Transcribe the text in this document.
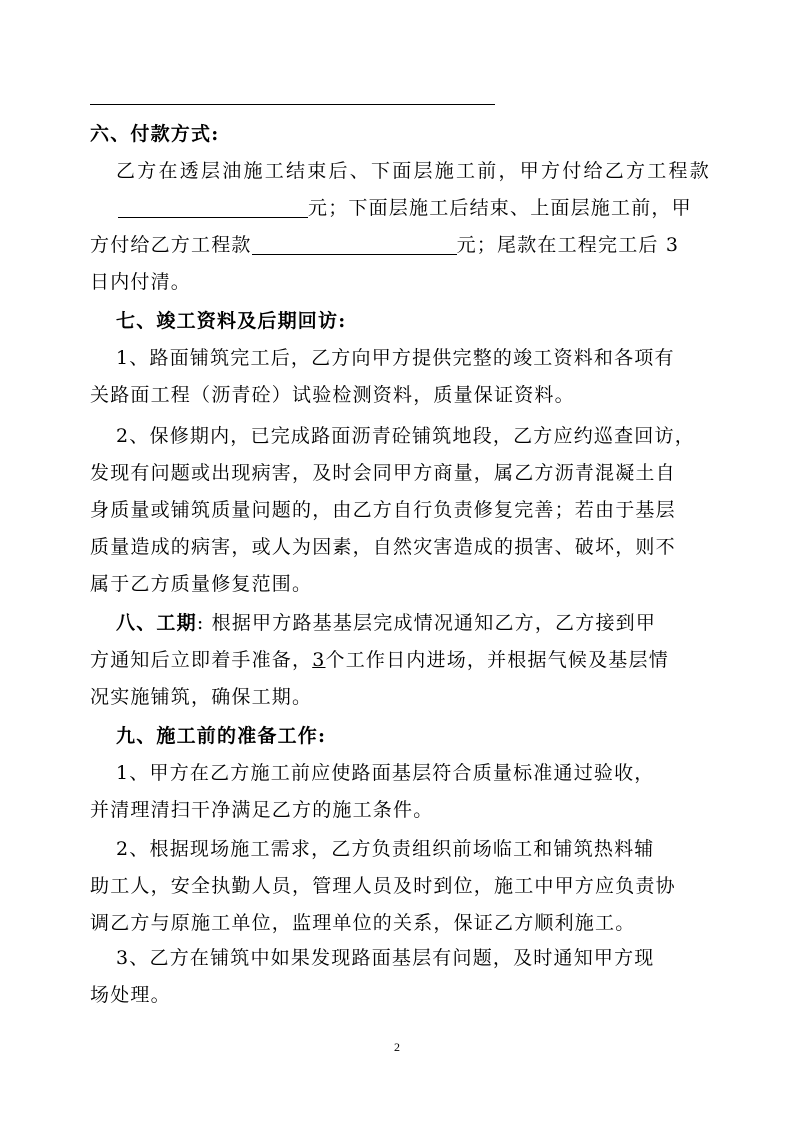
六、付款方式:
乙方在透层油施工结束后、下面层施工前，甲方付给乙方工程款
元；下面层施工后结束、上面层施工前，甲
方付给乙方工程款	元；尾款在工程完工后 3
日内付清。
七、竣工资料及后期回访:
1、路面铺筑完工后，乙方向甲方提供完整的竣工资料和各项有
关路面工程（沥青砼）试验检测资料，质量保证资料。
2、保修期内，已完成路面沥青砼铺筑地段，乙方应约巡查回访，
发现有问题或出现病害，及时会同甲方商量，属乙方沥青混凝土自
身质量或铺筑质量问题的，由乙方自行负责修复完善；若由于基层
质量造成的病害，或人为因素，自然灾害造成的损害、破坏，则不
属于乙方质量修复范围。
八、工期: 根据甲方路基基层完成情况通知乙方，乙方接到甲
方通知后立即着手准备，3个工作日内进场，并根据气候及基层情
况实施铺筑，确保工期。
九、施工前的准备工作:
1、甲方在乙方施工前应使路面基层符合质量标准通过验收，
并清理清扫干净满足乙方的施工条件。
2、根据现场施工需求，乙方负责组织前场临工和铺筑热料辅
助工人，安全执勤人员，管理人员及时到位，施工中甲方应负责协
调乙方与原施工单位，监理单位的关系，保证乙方顺利施工。
3、乙方在铺筑中如果发现路面基层有问题，及时通知甲方现
场处理。
2
